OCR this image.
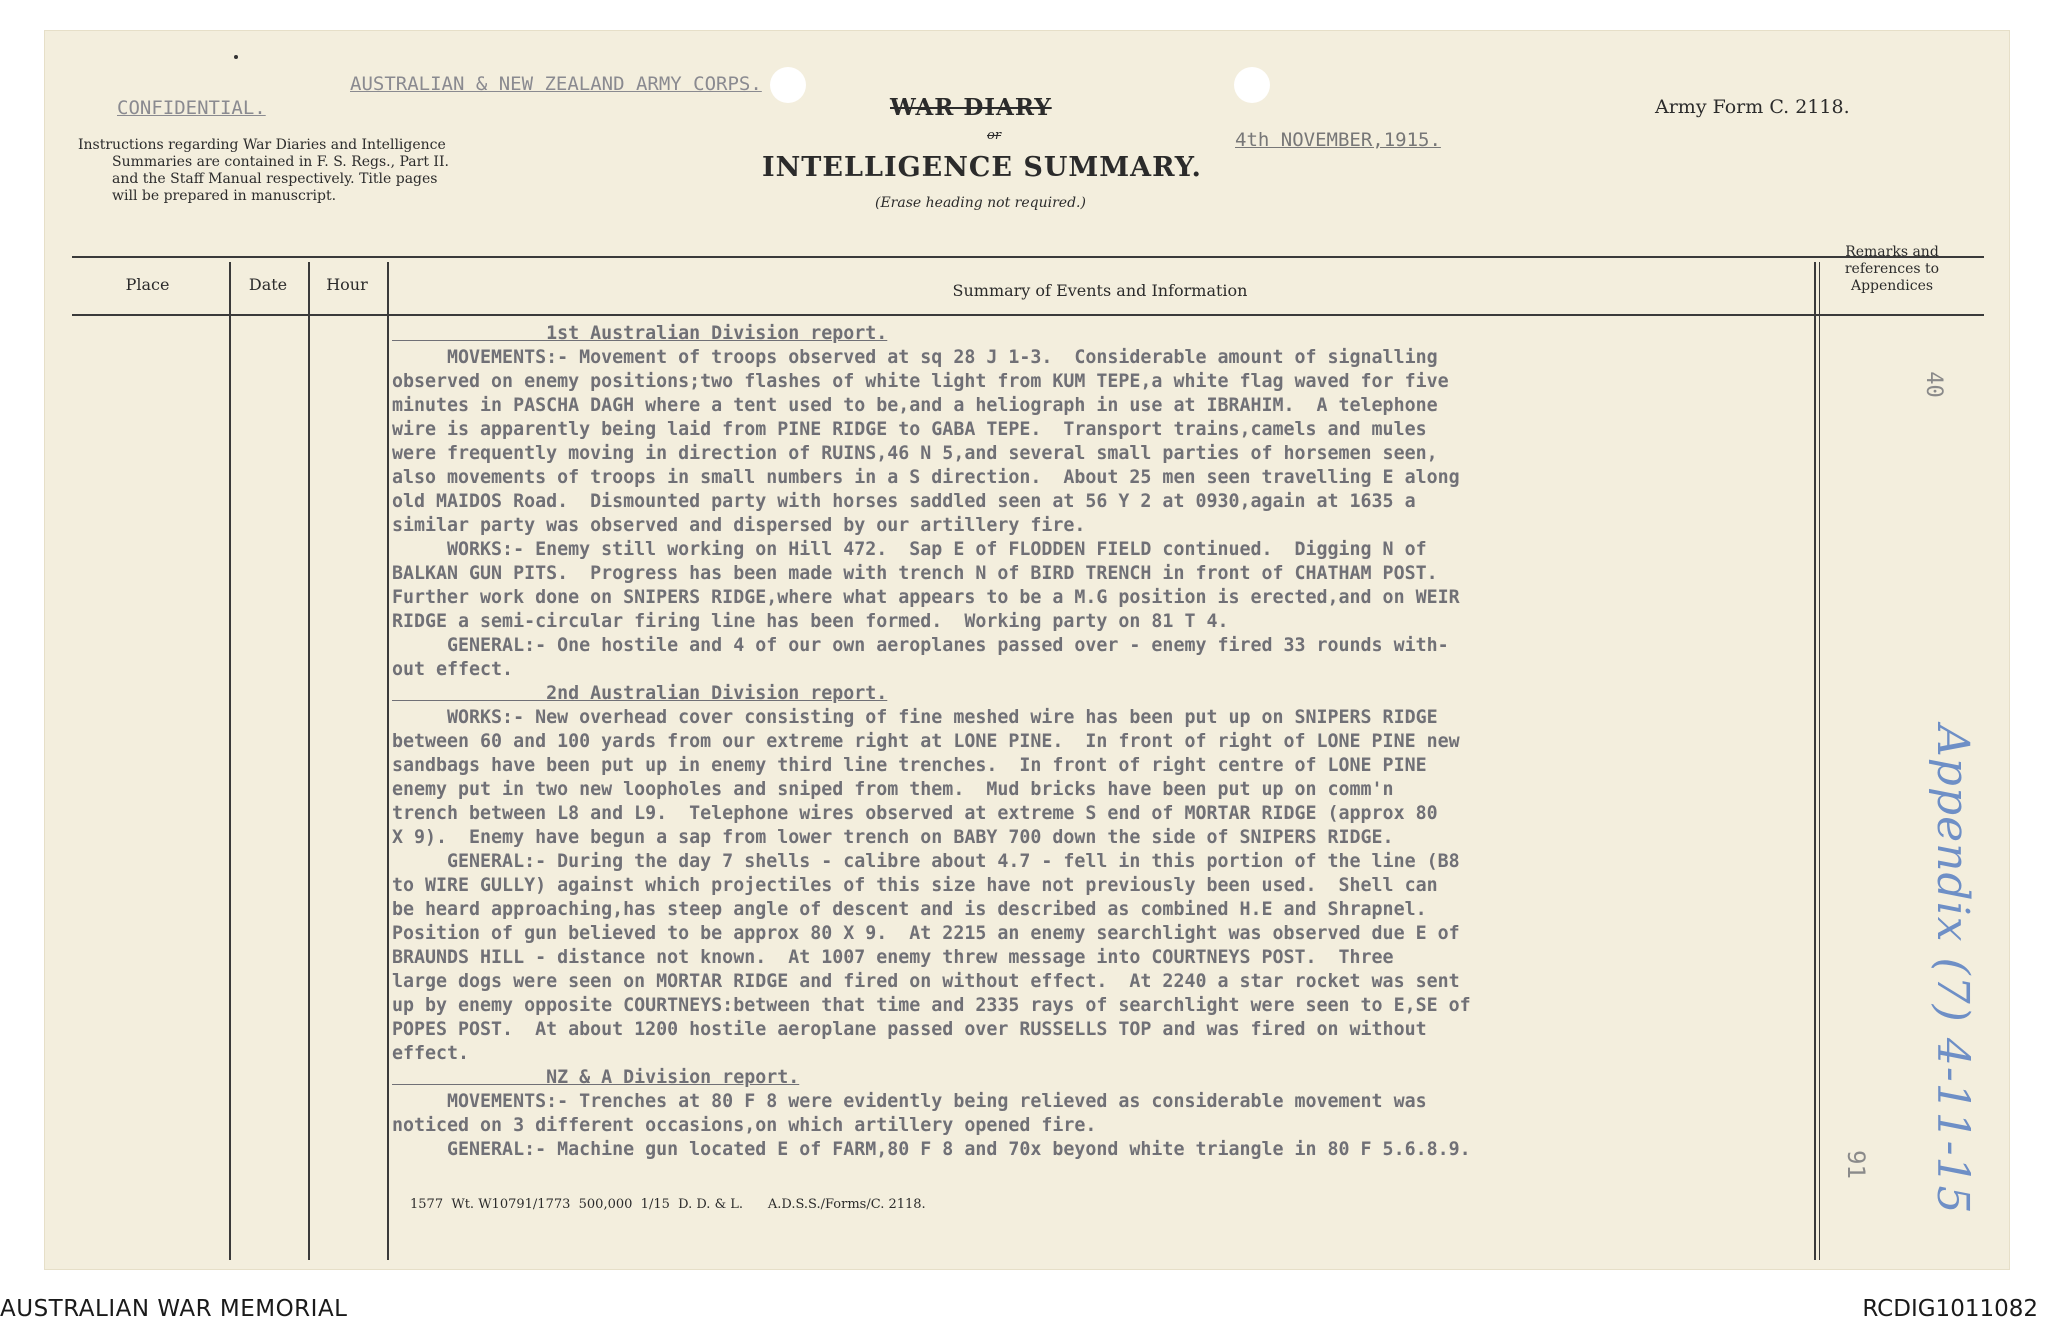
CONFIDENTIAL.
AUSTRALIAN & NEW ZEALAND ARMY CORPS.
WAR DIARY
or
INTELLIGENCE SUMMARY.
(Erase heading not required.)
4th NOVEMBER,1915.
Army Form C. 2118.
Instructions regarding War Diaries and Intelligence
Summaries are contained in F. S. Regs., Part II.
and the Staff Manual respectively. Title pages
will be prepared in manuscript.
Place	Date	Hour	Summary of Events and Information
Remarks and
references to
Appendices
1st Australian Division report.
MOVEMENTS:- Movement of troops observed at sq 28 J 1-3.  Considerable amount of signalling
observed on enemy positions;two flashes of white light from KUM TEPE,a white flag waved for five
minutes in PASCHA DAGH where a tent used to be,and a heliograph in use at IBRAHIM.  A telephone
wire is apparently being laid from PINE RIDGE to GABA TEPE.  Transport trains,camels and mules
were frequently moving in direction of RUINS,46 N 5,and several small parties of horsemen seen,
also movements of troops in small numbers in a S direction.  About 25 men seen travelling E along
old MAIDOS Road.  Dismounted party with horses saddled seen at 56 Y 2 at 0930,again at 1635 a
similar party was observed and dispersed by our artillery fire.
WORKS:- Enemy still working on Hill 472.  Sap E of FLODDEN FIELD continued.  Digging N of
BALKAN GUN PITS.  Progress has been made with trench N of BIRD TRENCH in front of CHATHAM POST.
Further work done on SNIPERS RIDGE,where what appears to be a M.G position is erected,and on WEIR
RIDGE a semi-circular firing line has been formed.  Working party on 81 T 4.
GENERAL:- One hostile and 4 of our own aeroplanes passed over - enemy fired 33 rounds with-
out effect.
2nd Australian Division report.
WORKS:- New overhead cover consisting of fine meshed wire has been put up on SNIPERS RIDGE
between 60 and 100 yards from our extreme right at LONE PINE.  In front of right of LONE PINE new
sandbags have been put up in enemy third line trenches.  In front of right centre of LONE PINE
enemy put in two new loopholes and sniped from them.  Mud bricks have been put up on comm'n
trench between L8 and L9.  Telephone wires observed at extreme S end of MORTAR RIDGE (approx 80
X 9).  Enemy have begun a sap from lower trench on BABY 700 down the side of SNIPERS RIDGE.
GENERAL:- During the day 7 shells - calibre about 4.7 - fell in this portion of the line (B8
to WIRE GULLY) against which projectiles of this size have not previously been used.  Shell can
be heard approaching,has steep angle of descent and is described as combined H.E and Shrapnel.
Position of gun believed to be approx 80 X 9.  At 2215 an enemy searchlight was observed due E of
BRAUNDS HILL - distance not known.  At 1007 enemy threw message into COURTNEYS POST.  Three
large dogs were seen on MORTAR RIDGE and fired on without effect.  At 2240 a star rocket was sent
up by enemy opposite COURTNEYS:between that time and 2335 rays of searchlight were seen to E,SE of
POPES POST.  At about 1200 hostile aeroplane passed over RUSSELLS TOP and was fired on without
effect.
NZ & A Division report.
MOVEMENTS:- Trenches at 80 F 8 were evidently being relieved as considerable movement was
noticed on 3 different occasions,on which artillery opened fire.
GENERAL:- Machine gun located E of FARM,80 F 8 and 70x beyond white triangle in 80 F 5.6.8.9.
1577  Wt. W10791/1773  500,000  1/15  D. D. & L.      A.D.S.S./Forms/C. 2118.
40
Appendix (7) 4-11-15
91
AUSTRALIAN WAR MEMORIAL	RCDIG1011082
